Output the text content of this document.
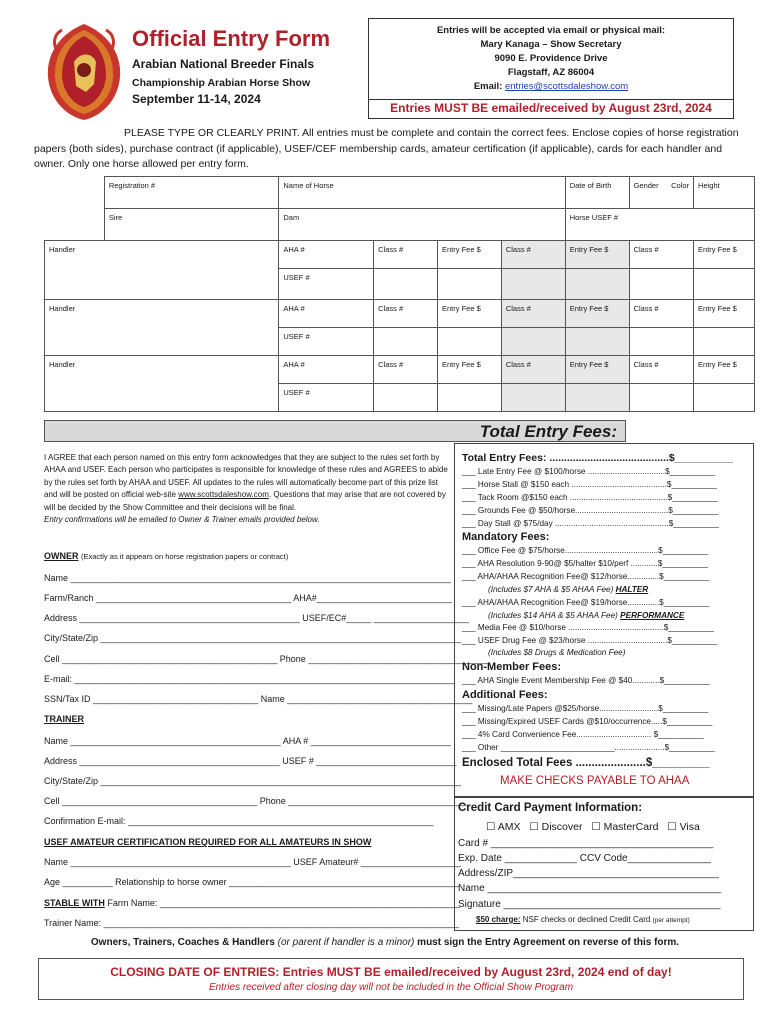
Official Entry Form
Arabian National Breeder Finals
Championship Arabian Horse Show
September 11-14, 2024
Entries will be accepted via email or physical mail:
Mary Kanaga – Show Secretary
9090 E. Providence Drive
Flagstaff, AZ 86004
Email: entries@scottsdaleshow.com
Entries MUST BE emailed/received by August 23rd, 2024
PLEASE TYPE OR CLEARLY PRINT. All entries must be complete and contain the correct fees. Enclose copies of horse registration papers (both sides), purchase contract (if applicable), USEF/CEF membership cards, amateur certification (if applicable), cards for each handler and owner. Only one horse allowed per entry form.
	Registration #	Name of Horse				Date of Birth	Gender Color	Height
	Sire	Dam				Horse USEF #		
Handler		AHA #	Class #	Entry Fee $	Class #	Entry Fee $	Class #	Entry Fee $
		USEF #						
Handler		AHA #	Class #	Entry Fee $	Class #	Entry Fee $	Class #	Entry Fee $
		USEF #						
Handler		AHA #	Class #	Entry Fee $	Class #	Entry Fee $	Class #	Entry Fee $
		USEF #						
Total Entry Fees:
I AGREE that each person named on this entry form acknowledges that they are subject to the rules set forth by AHAA and USEF. Each person who participates is responsible for knowledge of these rules and AGREES to abide by the rules set forth by AHAA and USEF. All updates to the rules will automatically become part of this prize list and will be posted on official web-site www.scottsdaleshow.com. Questions that may arise that are not covered by will be decided by the Show Committee and their decisions will be final.
Entry confirmations will be emailed to Owner & Trainer emails provided below.
OWNER (Exactly as it appears on horse registration papers or contract)
Name ____________________________________________________________________________
Farm/Ranch _______________________________________ AHA#___________________________
Address ____________________________________________ USEF/EC#_____ ___________________
City/State/Zip ________________________________________________________________________
Cell ___________________________________________ Phone ____________________________________
E-mail: ____________________________________________________________________________
SSN/Tax ID _________________________________ Name _____________________________________
TRAINER
Name __________________________________________ AHA # ____________________________
Address ________________________________________ USEF # ____________________________
City/State/Zip ________________________________________________________________________
Cell _______________________________________ Phone ____________________________________
Confirmation E-mail: _____________________________________________________________
USEF AMATEUR CERTIFICATION REQUIRED FOR ALL AMATEURS IN SHOW
Name ____________________________________________ USEF Amateur# ____________________
Age __________ Relationship to horse owner ______________________________________________
STABLE WITH Farm Name: ____________________________________________________________
Trainer Name: _______________________________________________________________________
Total Entry Fees: .........................................$__________
___ Late Entry Fee @ $100/horse ..................................$__________
___ Horse Stall @ $150 each ..........................................$__________
___ Tack Room @$150 each ...........................................$__________
___ Grounds Fee @ $50/horse.........................................$__________
___ Day Stall @ $75/day ..................................................$__________
Mandatory Fees:
___ Office Fee @ $75/horse.........................................$__________
___ AHA Resolution 9-90@ $5/halter $10/perf ............$__________
___ AHA/AHAA Recognition Fee@ $12/horse..............$__________
(Includes $7 AHA & $5 AHAA Fee) HALTER
___ AHA/AHAA Recognition Fee@ $19/horse..............$__________
(Includes $14 AHA & $5 AHAA Fee) PERFORMANCE
___ Media Fee @ $10/horse ..........................................$__________
___ USEF Drug Fee @ $23/horse ...................................$__________
(Includes $8 Drugs & Medication Fee)
Non-Member Fees:
___ AHA Single Event Membership Fee @ $40............$__________
Additional Fees:
___ Missing/Late Papers @$25/horse..........................$__________
___ Missing/Expired USEF Cards @$10/occurrence.....$__________
___ 4% Card Convenience Fee................................. $__________
___ Other _________________________......................$__________
Enclosed Total Fees ......................$_________
MAKE CHECKS PAYABLE TO AHAA
Credit Card Payment Information:
☐ AMX ☐ Discover ☐ MasterCard ☐ Visa
Card # ________________________________________
Exp. Date _____________ CCV Code_______________
Address/ZIP_____________________________________
Name __________________________________________
Signature _______________________________________
$50 charge: NSF checks or declined Credit Card (per attempt)
Owners, Trainers, Coaches & Handlers (or parent if handler is a minor) must sign the Entry Agreement on reverse of this form.
CLOSING DATE OF ENTRIES: Entries MUST BE emailed/received by August 23rd, 2024 end of day!
Entries received after closing day will not be included in the Official Show Program
